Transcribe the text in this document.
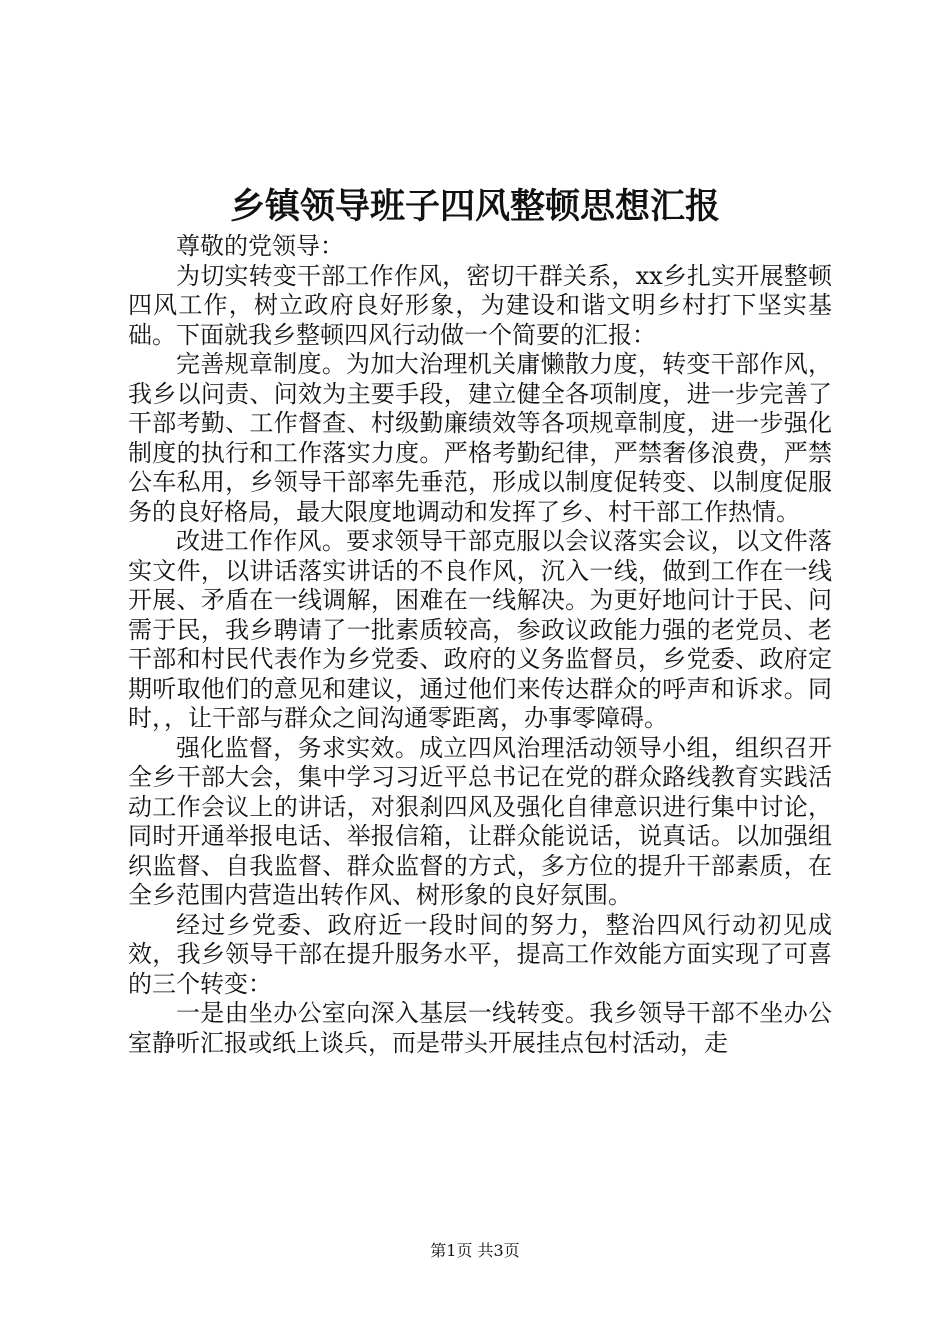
乡镇领导班子四风整顿思想汇报

尊敬的党领导：

为切实转变干部工作作风，密切干群关系，xx乡扎实开展整顿四风工作，树立政府良好形象，为建设和谐文明乡村打下坚实基础。下面就我乡整顿四风行动做一个简要的汇报：

完善规章制度。为加大治理机关庸懒散力度，转变干部作风，我乡以问责、问效为主要手段，建立健全各项制度，进一步完善了干部考勤、工作督查、村级勤廉绩效等各项规章制度，进一步强化制度的执行和工作落实力度。严格考勤纪律，严禁奢侈浪费，严禁公车私用，乡领导干部率先垂范，形成以制度促转变、以制度促服务的良好格局，最大限度地调动和发挥了乡、村干部工作热情。

改进工作作风。要求领导干部克服以会议落实会议，以文件落实文件，以讲话落实讲话的不良作风，沉入一线，做到工作在一线开展、矛盾在一线调解，困难在一线解决。为更好地问计于民、问需于民，我乡聘请了一批素质较高，参政议政能力强的老党员、老干部和村民代表作为乡党委、政府的义务监督员，乡党委、政府定期听取他们的意见和建议，通过他们来传达群众的呼声和诉求。同时，，让干部与群众之间沟通零距离，办事零障碍。

强化监督，务求实效。成立四风治理活动领导小组，组织召开全乡干部大会，集中学习习近平总书记在党的群众路线教育实践活动工作会议上的讲话，对狠刹四风及强化自律意识进行集中讨论，同时开通举报电话、举报信箱，让群众能说话，说真话。以加强组织监督、自我监督、群众监督的方式，多方位的提升干部素质，在全乡范围内营造出转作风、树形象的良好氛围。

经过乡党委、政府近一段时间的努力，整治四风行动初见成效，我乡领导干部在提升服务水平，提高工作效能方面实现了可喜的三个转变：

一是由坐办公室向深入基层一线转变。我乡领导干部不坐办公室静听汇报或纸上谈兵，而是带头开展挂点包村活动，走

第1页 共3页
